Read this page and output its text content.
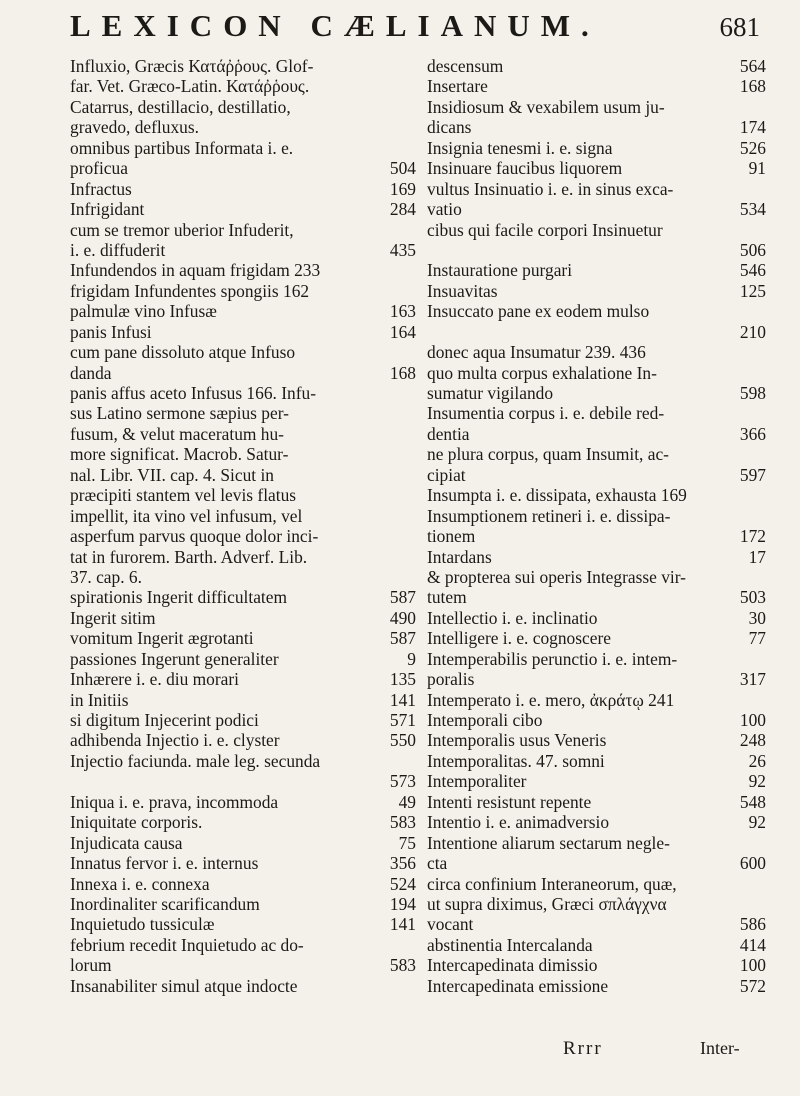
LEXICON CÆLIANUM.	681
Influxio, Græcis Κατάῤῥους. Glof-
far. Vet. Græco-Latin. Κατάῤῥους.
Catarrus, destillacio, destillatio,
gravedo, defluxus.
omnibus partibus Informata i. e.
proficua	504
Infractus	169
Infrigidant	284
cum se tremor uberior Infuderit,
i. e. diffuderit	435
Infundendos in aquam frigidam 233
frigidam Infundentes spongiis 162
palmulæ vino Infusæ	163
panis Infusi	164
cum pane dissoluto atque Infuso
danda	168
panis affus aceto Infusus 166. Infu-
sus Latino sermone sæpius per-
fusum, & velut maceratum hu-
more significat. Macrob. Satur-
nal. Libr. VII. cap. 4. Sicut in
præcipiti stantem vel levis flatus
impellit, ita vino vel infusum, vel
asperfum parvus quoque dolor inci-
tat in furorem. Barth. Adverf. Lib.
37. cap. 6.
spirationis Ingerit difficultatem	587
Ingerit sitim	490
vomitum Ingerit ægrotanti	587
passiones Ingerunt generaliter	9
Inhærere i. e. diu morari	135
in Initiis	141
si digitum Injecerint podici	571
adhibenda Injectio i. e. clyster	550
Injectio faciunda. male leg. secunda
573
Iniqua i. e. prava, incommoda	49
Iniquitate corporis.	583
Injudicata causa	75
Innatus fervor i. e. internus	356
Innexa i. e. connexa	524
Inordinaliter scarificandum	194
Inquietudo tussiculæ	141
febrium recedit Inquietudo ac do-
lorum	583
Insanabiliter simul atque indocte
descensum	564
Insertare	168
Insidiosum & vexabilem usum ju-
dicans	174
Insignia tenesmi i. e. signa	526
Insinuare faucibus liquorem	91
vultus Insinuatio i. e. in sinus exca-
vatio	534
cibus qui facile corpori Insinuetur
506
Instauratione purgari	546
Insuavitas	125
Insuccato pane ex eodem mulso
210
donec aqua Insumatur 239. 436
quo multa corpus exhalatione In-
sumatur vigilando	598
Insumentia corpus i. e. debile red-
dentia	366
ne plura corpus, quam Insumit, ac-
cipiat	597
Insumpta i. e. dissipata, exhausta 169
Insumptionem retineri i. e. dissipa-
tionem	172
Intardans	17
& propterea sui operis Integrasse vir-
tutem	503
Intellectio i. e. inclinatio	30
Intelligere i. e. cognoscere	77
Intemperabilis perunctio i. e. intem-
poralis	317
Intemperato i. e. mero, ἀκράτῳ 241
Intemporali cibo	100
Intemporalis usus Veneris	248
Intemporalitas. 47. somni	26
Intemporaliter	92
Intenti resistunt repente	548
Intentio i. e. animadversio	92
Intentione aliarum sectarum negle-
cta	600
circa confinium Interaneorum, quæ,
ut supra diximus, Græci σπλάγχνα
vocant	586
abstinentia Intercalanda	414
Intercapedinata dimissio	100
Intercapedinata emissione	572
Rrrr	Inter-
